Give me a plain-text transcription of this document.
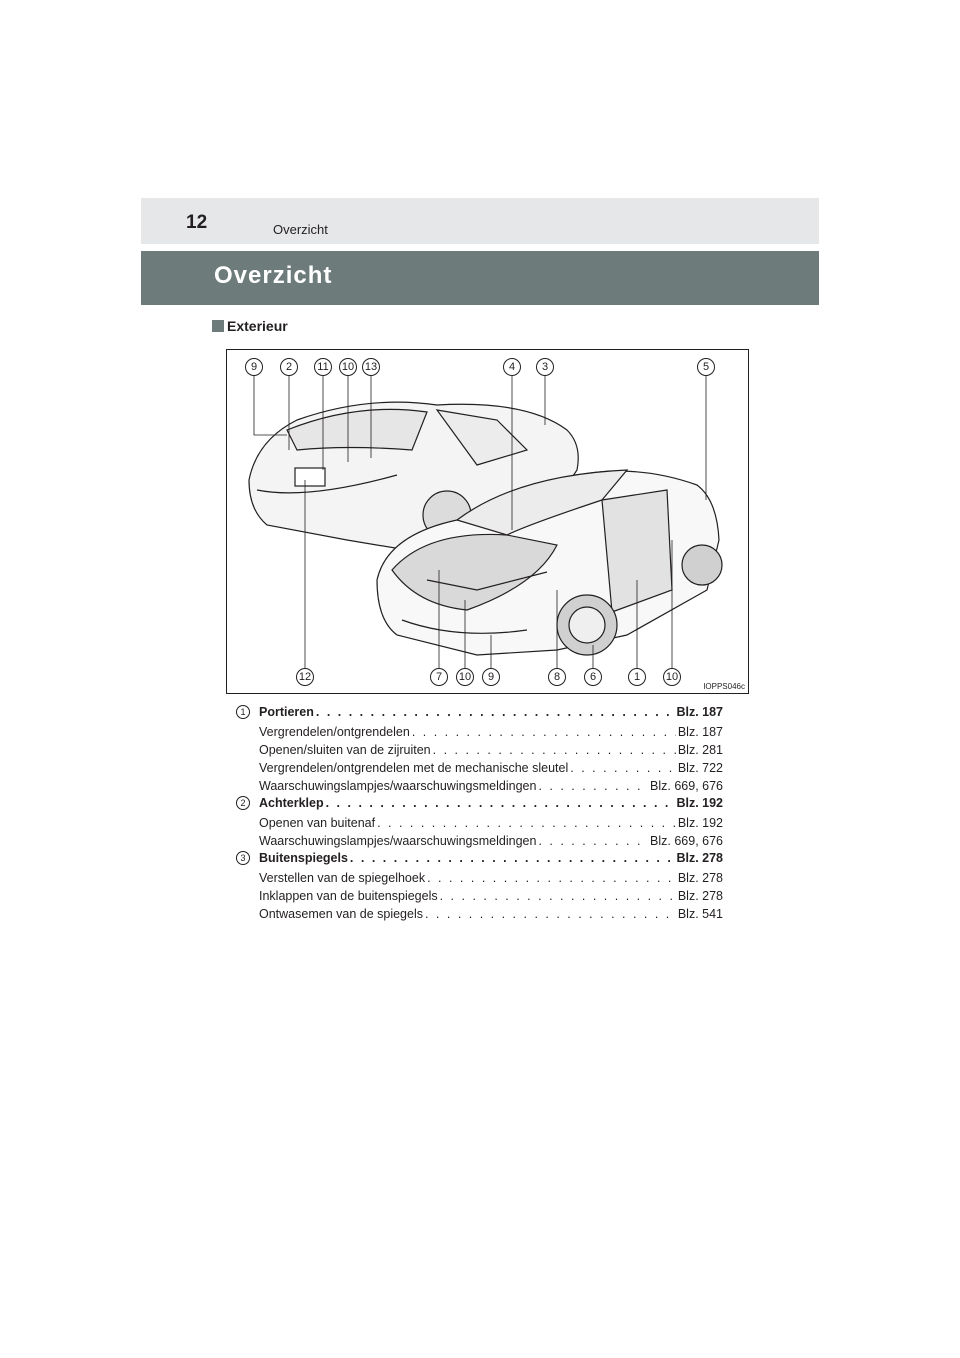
12	Overzicht
Overzicht
Exterieur
9	2	11 10 13	4	3	5
12	7	10	9	8	6	1	10
IOPPS046c
1	Portieren . . .	Blz. 187
Vergrendelen/ontgrendelen . . .	Blz. 187
Openen/sluiten van de zijruiten . . .	Blz. 281
Vergrendelen/ontgrendelen met de mechanische sleutel . . .	Blz. 722
Waarschuwingslampjes/waarschuwingsmeldingen . . .	Blz. 669, 676
2	Achterklep . . .	Blz. 192
Openen van buitenaf . . .	Blz. 192
Waarschuwingslampjes/waarschuwingsmeldingen . . .	Blz. 669, 676
3	Buitenspiegels . . .	Blz. 278
Verstellen van de spiegelhoek . . .	Blz. 278
Inklappen van de buitenspiegels . . .	Blz. 278
Ontwasemen van de spiegels . . .	Blz. 541
